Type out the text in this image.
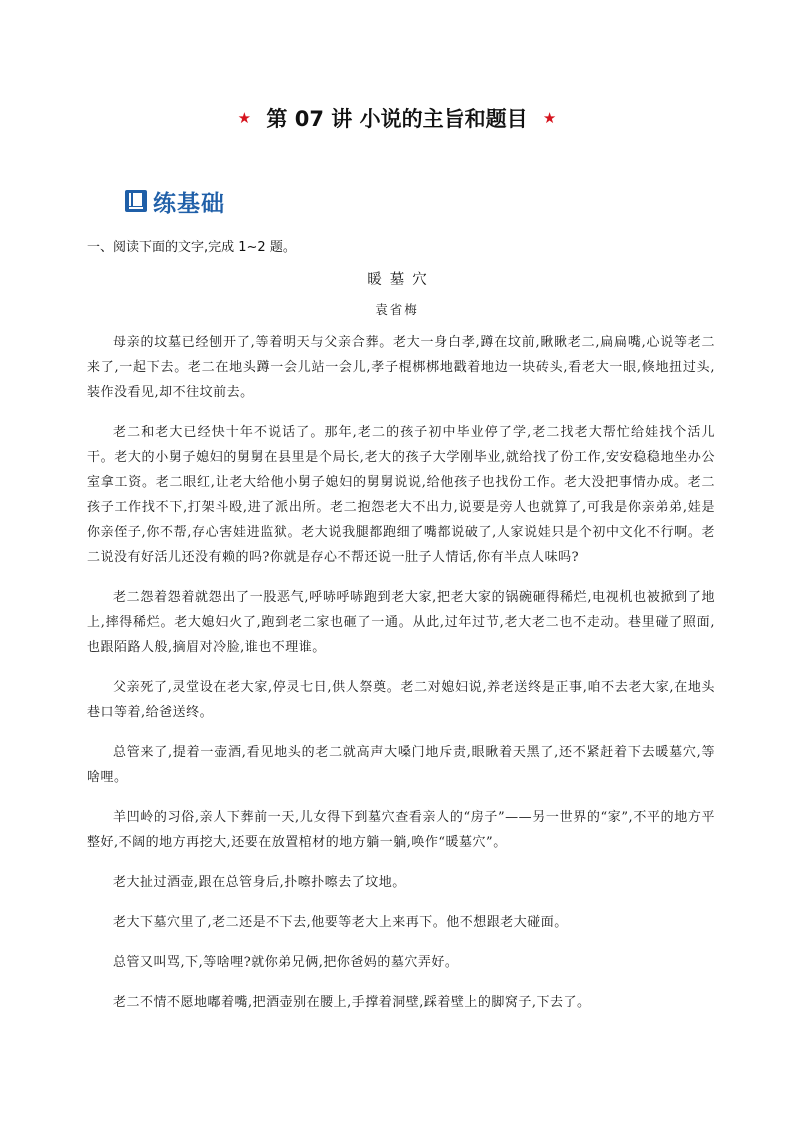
★ 第 07 讲 小说的主旨和题目 ★
练基础
一、阅读下面的文字,完成 1~2 题。
暖墓穴
袁省梅

母亲的坟墓已经刨开了,等着明天与父亲合葬。老大一身白孝,蹲在坟前,瞅瞅老二,扁扁嘴,心说等老二来了,一起下去。老二在地头蹲一会儿站一会儿,孝子棍梆梆地戳着地边一块砖头,看老大一眼,倏地扭过头,装作没看见,却不往坟前去。

老二和老大已经快十年不说话了。那年,老二的孩子初中毕业停了学,老二找老大帮忙给娃找个活儿干。老大的小舅子媳妇的舅舅在县里是个局长,老大的孩子大学刚毕业,就给找了份工作,安安稳稳地坐办公室拿工资。老二眼红,让老大给他小舅子媳妇的舅舅说说,给他孩子也找份工作。老大没把事情办成。老二孩子工作找不下,打架斗殴,进了派出所。老二抱怨老大不出力,说要是旁人也就算了,可我是你亲弟弟,娃是你亲侄子,你不帮,存心害娃进监狱。老大说我腿都跑细了嘴都说破了,人家说娃只是个初中文化不行啊。老二说没有好活儿还没有赖的吗?你就是存心不帮还说一肚子人情话,你有半点人味吗?

老二怨着怨着就怨出了一股恶气,呼哧呼哧跑到老大家,把老大家的锅碗砸得稀烂,电视机也被掀到了地上,摔得稀烂。老大媳妇火了,跑到老二家也砸了一通。从此,过年过节,老大老二也不走动。巷里碰了照面,也跟陌路人般,摘眉对冷脸,谁也不理谁。

父亲死了,灵堂设在老大家,停灵七日,供人祭奠。老二对媳妇说,养老送终是正事,咱不去老大家,在地头巷口等着,给爸送终。

总管来了,提着一壶酒,看见地头的老二就高声大嗓门地斥责,眼瞅着天黑了,还不紧赶着下去暖墓穴,等啥哩。

羊凹岭的习俗,亲人下葬前一天,儿女得下到墓穴查看亲人的“房子”——另一世界的“家”,不平的地方平整好,不阔的地方再挖大,还要在放置棺材的地方躺一躺,唤作“暖墓穴”。

老大扯过酒壶,跟在总管身后,扑嚓扑嚓去了坟地。

老大下墓穴里了,老二还是不下去,他要等老大上来再下。他不想跟老大碰面。

总管又叫骂,下,等啥哩?就你弟兄俩,把你爸妈的墓穴弄好。

老二不情不愿地嘟着嘴,把酒壶别在腰上,手撑着洞壁,踩着壁上的脚窝子,下去了。
